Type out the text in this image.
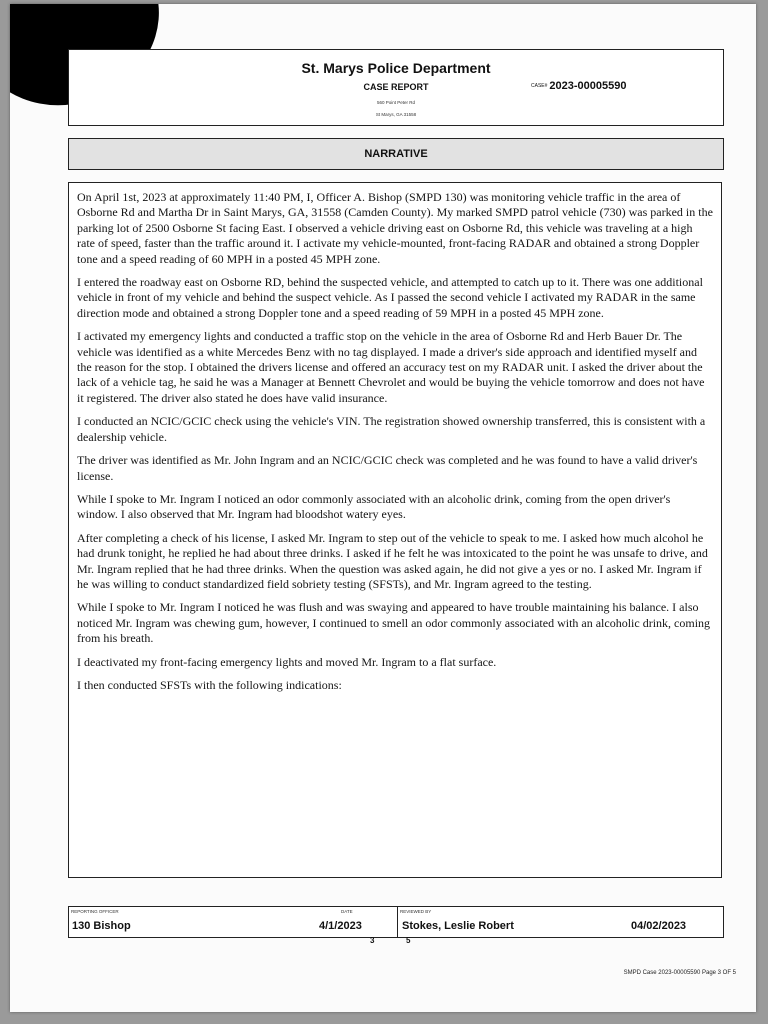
St. Marys Police Department
CASE REPORT
560 Point Peter Rd
St Marys, GA 31558
CASE# 2023-00005590
NARRATIVE

On April 1st, 2023 at approximately 11:40 PM, I, Officer A. Bishop (SMPD 130) was monitoring vehicle traffic in the area of Osborne Rd and Martha Dr in Saint Marys, GA, 31558 (Camden County). My marked SMPD patrol vehicle (730) was parked in the parking lot of 2500 Osborne St facing East. I observed a vehicle driving east on Osborne Rd, this vehicle was traveling at a high rate of speed, faster than the traffic around it. I activate my vehicle-mounted, front-facing RADAR and obtained a strong Doppler tone and a speed reading of 60 MPH in a posted 45 MPH zone.

I entered the roadway east on Osborne RD, behind the suspected vehicle, and attempted to catch up to it. There was one additional vehicle in front of my vehicle and behind the suspect vehicle. As I passed the second vehicle I activated my RADAR in the same direction mode and obtained a strong Doppler tone and a speed reading of 59 MPH in a posted 45 MPH zone.

I activated my emergency lights and conducted a traffic stop on the vehicle in the area of Osborne Rd and Herb Bauer Dr. The vehicle was identified as a white Mercedes Benz with no tag displayed. I made a driver's side approach and identified myself and the reason for the stop. I obtained the drivers license and offered an accuracy test on my RADAR unit. I asked the driver about the lack of a vehicle tag, he said he was a Manager at Bennett Chevrolet and would be buying the vehicle tomorrow and does not have it registered. The driver also stated he does have valid insurance.

I conducted an NCIC/GCIC check using the vehicle's VIN. The registration showed ownership transferred, this is consistent with a dealership vehicle.

The driver was identified as Mr. John Ingram and an NCIC/GCIC check was completed and he was found to have a valid driver's license.

While I spoke to Mr. Ingram I noticed an odor commonly associated with an alcoholic drink, coming from the open driver's window. I also observed that Mr. Ingram had bloodshot watery eyes.

After completing a check of his license, I asked Mr. Ingram to step out of the vehicle to speak to me. I asked how much alcohol he had drunk tonight, he replied he had about three drinks. I asked if he felt he was intoxicated to the point he was unsafe to drive, and Mr. Ingram replied that he had three drinks. When the question was asked again, he did not give a yes or no. I asked Mr. Ingram if he was willing to conduct standardized field sobriety testing (SFSTs), and Mr. Ingram agreed to the testing.

While I spoke to Mr. Ingram I noticed he was flush and was swaying and appeared to have trouble maintaining his balance. I also noticed Mr. Ingram was chewing gum, however, I continued to smell an odor commonly associated with an alcoholic drink, coming from his breath.

I deactivated my front-facing emergency lights and moved Mr. Ingram to a flat surface.

I then conducted SFSTs with the following indications:

REPORTING OFFICER
130 Bishop
DATE
4/1/2023
REVIEWED BY
Stokes, Leslie Robert	04/02/2023
3	5
SMPD Case 2023-00005590 Page 3 OF 5
